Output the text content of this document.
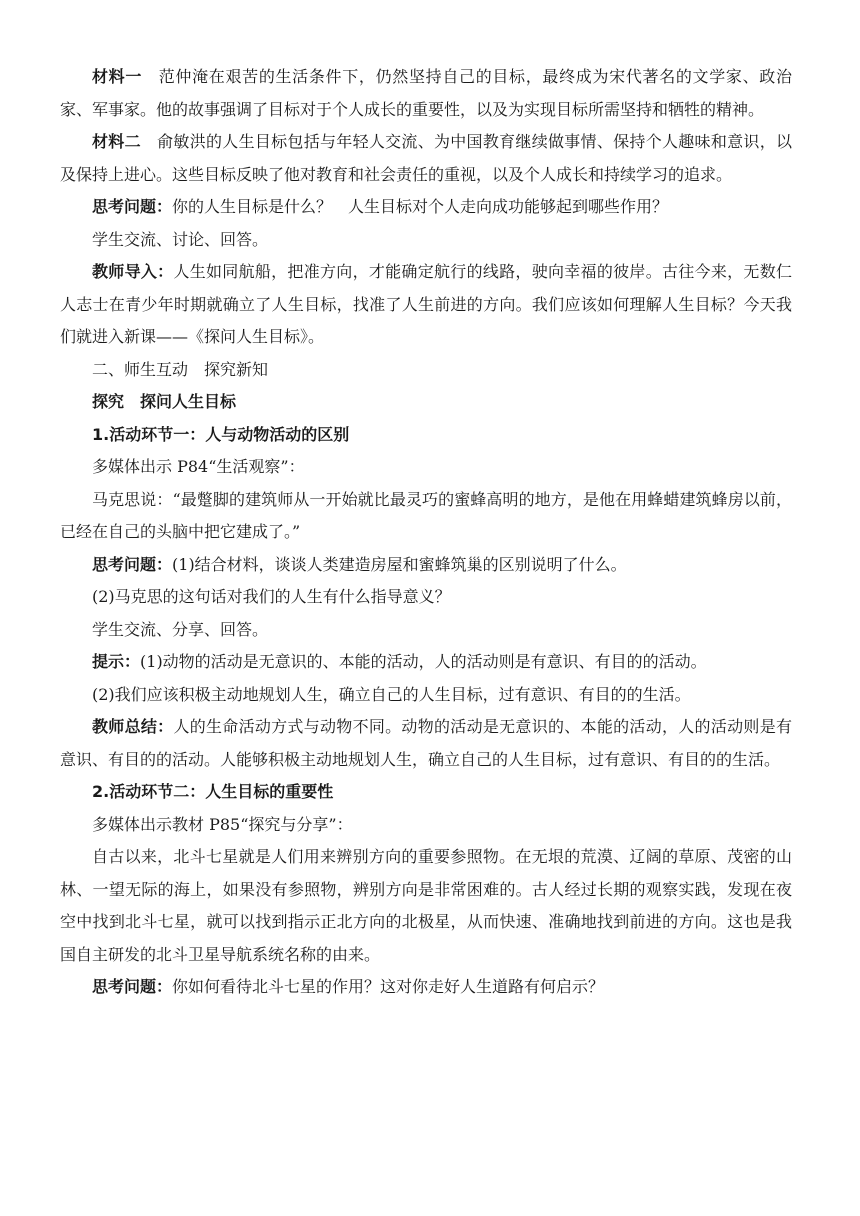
材料一　范仲淹在艰苦的生活条件下，仍然坚持自己的目标，最终成为宋代著名的文学家、政治家、军事家。他的故事强调了目标对于个人成长的重要性，以及为实现目标所需坚持和牺牲的精神。

材料二　俞敏洪的人生目标包括与年轻人交流、为中国教育继续做事情、保持个人趣味和意识，以及保持上进心。这些目标反映了他对教育和社会责任的重视，以及个人成长和持续学习的追求。

思考问题：你的人生目标是什么？　人生目标对个人走向成功能够起到哪些作用？

学生交流、讨论、回答。

教师导入：人生如同航船，把准方向，才能确定航行的线路，驶向幸福的彼岸。古往今来，无数仁人志士在青少年时期就确立了人生目标，找准了人生前进的方向。我们应该如何理解人生目标？今天我们就进入新课——《探问人生目标》。

二、师生互动　探究新知

探究　探问人生目标

1.活动环节一：人与动物活动的区别

多媒体出示 P84“生活观察”：

马克思说：“最蹩脚的建筑师从一开始就比最灵巧的蜜蜂高明的地方，是他在用蜂蜡建筑蜂房以前，已经在自己的头脑中把它建成了。”

思考问题：(1)结合材料，谈谈人类建造房屋和蜜蜂筑巢的区别说明了什么。

(2)马克思的这句话对我们的人生有什么指导意义？

学生交流、分享、回答。

提示：(1)动物的活动是无意识的、本能的活动，人的活动则是有意识、有目的的活动。

(2)我们应该积极主动地规划人生，确立自己的人生目标，过有意识、有目的的生活。

教师总结：人的生命活动方式与动物不同。动物的活动是无意识的、本能的活动，人的活动则是有意识、有目的的活动。人能够积极主动地规划人生，确立自己的人生目标，过有意识、有目的的生活。

2.活动环节二：人生目标的重要性

多媒体出示教材 P85“探究与分享”：

自古以来，北斗七星就是人们用来辨别方向的重要参照物。在无垠的荒漠、辽阔的草原、茂密的山林、一望无际的海上，如果没有参照物，辨别方向是非常困难的。古人经过长期的观察实践，发现在夜空中找到北斗七星，就可以找到指示正北方向的北极星，从而快速、准确地找到前进的方向。这也是我国自主研发的北斗卫星导航系统名称的由来。

思考问题：你如何看待北斗七星的作用？这对你走好人生道路有何启示？
